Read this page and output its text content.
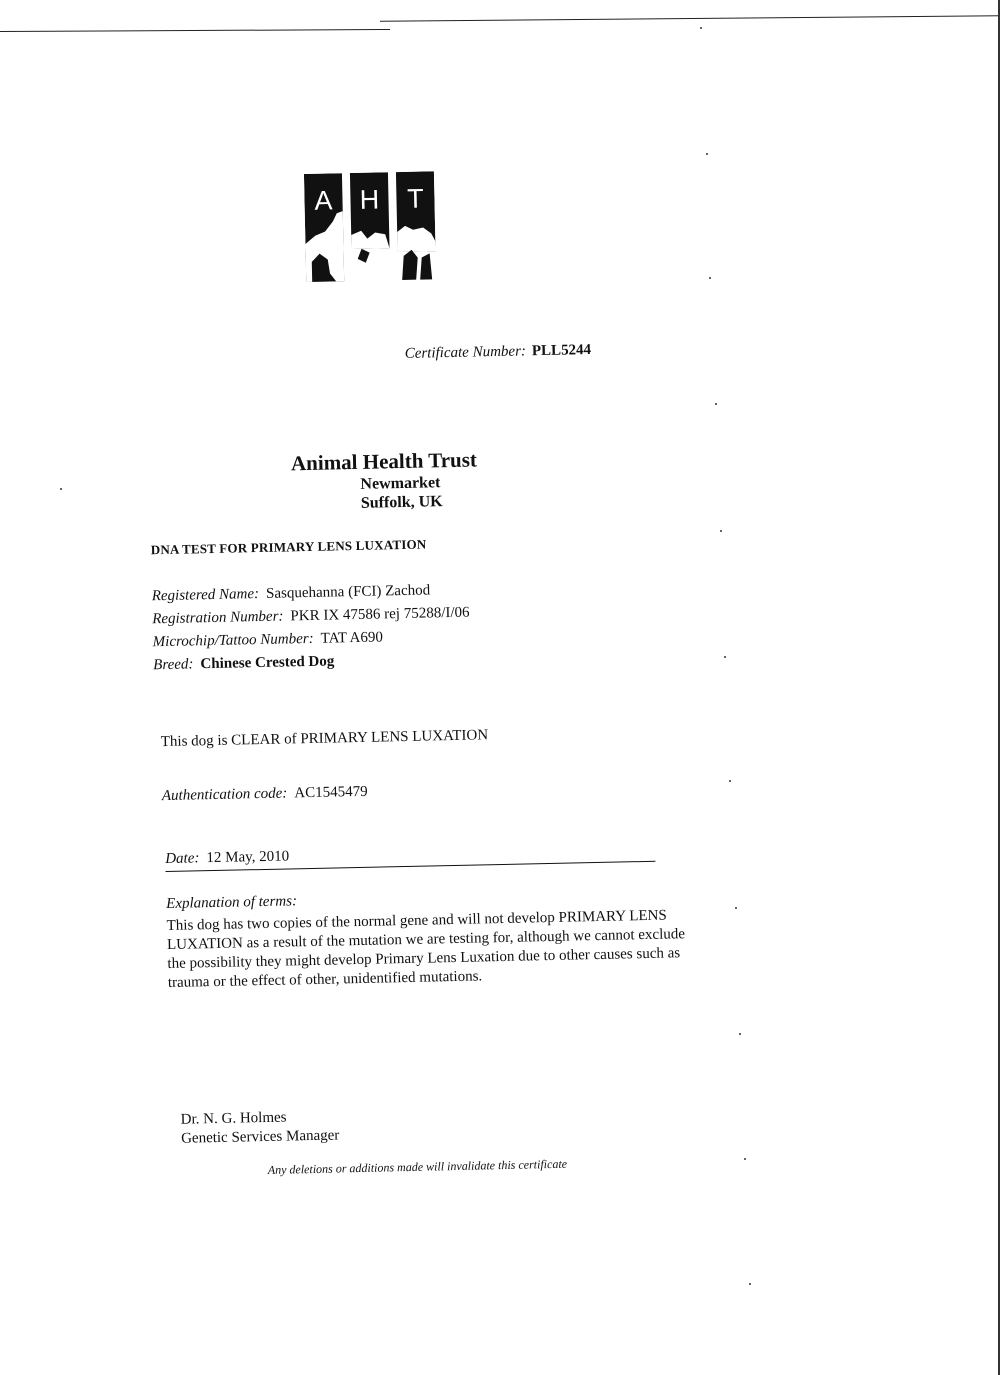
A H T
Certificate Number: PLL5244
Animal Health Trust
Newmarket
Suffolk, UK
DNA TEST FOR PRIMARY LENS LUXATION
Registered Name: Sasquehanna (FCI) Zachod
Registration Number: PKR IX 47586 rej 75288/I/06
Microchip/Tattoo Number: TAT A690
Breed: Chinese Crested Dog
This dog is CLEAR of PRIMARY LENS LUXATION
Authentication code: AC1545479
Date: 12 May, 2010
Explanation of terms:
This dog has two copies of the normal gene and will not develop PRIMARY LENS LUXATION as a result of the mutation we are testing for, although we cannot exclude the possibility they might develop Primary Lens Luxation due to other causes such as trauma or the effect of other, unidentified mutations.
Dr. N. G. Holmes
Genetic Services Manager
Any deletions or additions made will invalidate this certificate
